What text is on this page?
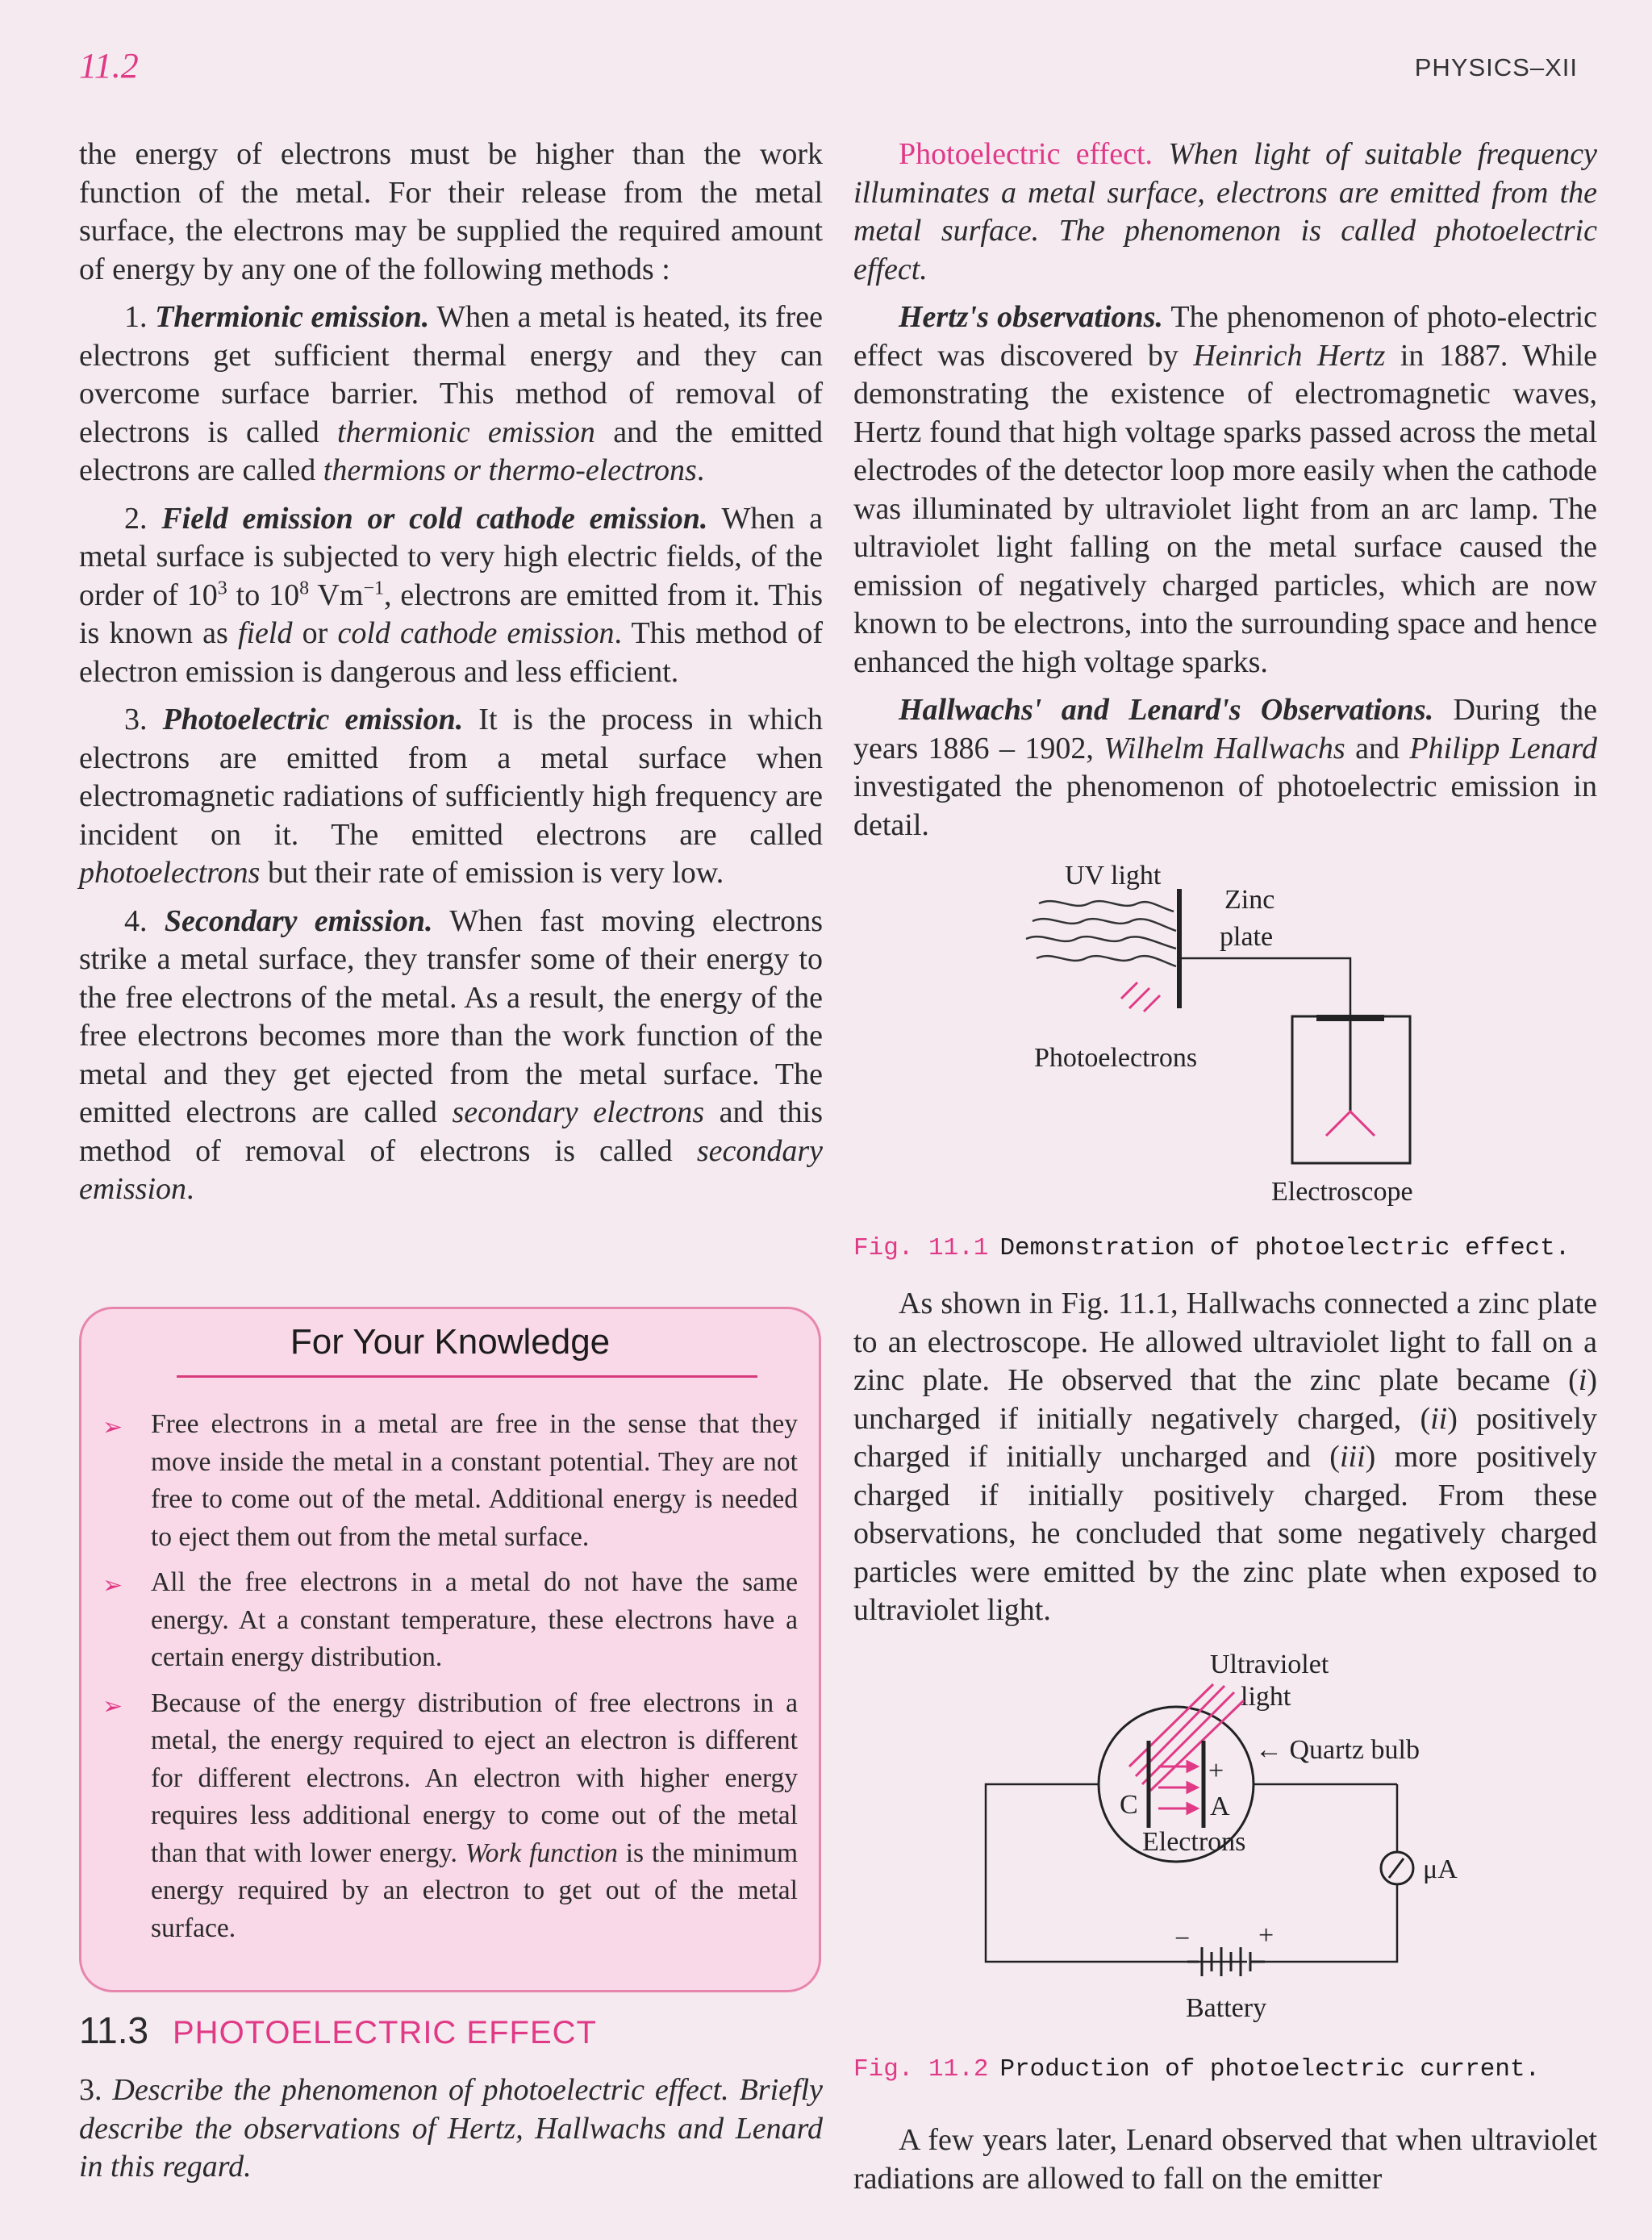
11.2	PHYSICS–XII

the energy of electrons must be higher than the work function of the metal. For their release from the metal surface, the electrons may be supplied the required amount of energy by any one of the following methods :

1. Thermionic emission. When a metal is heated, its free electrons get sufficient thermal energy and they can overcome surface barrier. This method of removal of electrons is called thermionic emission and the emitted electrons are called thermions or thermo-electrons.

2. Field emission or cold cathode emission. When a metal surface is subjected to very high electric fields, of the order of $10^3$ to $10^8$ $Vm^{-1}$, electrons are emitted from it. This is known as field or cold cathode emission. This method of electron emission is dangerous and less efficient.

3. Photoelectric emission. It is the process in which electrons are emitted from a metal surface when electromagnetic radiations of sufficiently high frequency are incident on it. The emitted electrons are called photoelectrons but their rate of emission is very low.

4. Secondary emission. When fast moving electrons strike a metal surface, they transfer some of their energy to the free electrons of the metal. As a result, the energy of the free electrons becomes more than the work function of the metal and they get ejected from the metal surface. The emitted electrons are called secondary electrons and this method of removal of electrons is called secondary emission.

For Your Knowledge
➢ Free electrons in a metal are free in the sense that they move inside the metal in a constant potential. They are not free to come out of the metal. Additional energy is needed to eject them out from the metal surface.
➢ All the free electrons in a metal do not have the same energy. At a constant temperature, these electrons have a certain energy distribution.
➢ Because of the energy distribution of free electrons in a metal, the energy required to eject an electron is different for different electrons. An electron with higher energy requires less additional energy to come out of the metal than that with lower energy. Work function is the minimum energy required by an electron to get out of the metal surface.
11.3 PHOTOELECTRIC EFFECT
3. Describe the phenomenon of photoelectric effect. Briefly describe the observations of Hertz, Hallwachs and Lenard in this regard.

Photoelectric effect. When light of suitable frequency illuminates a metal surface, electrons are emitted from the metal surface. The phenomenon is called photoelectric effect.

Hertz's observations. The phenomenon of photo-electric effect was discovered by Heinrich Hertz in 1887. While demonstrating the existence of electromagnetic waves, Hertz found that high voltage sparks passed across the metal electrodes of the detector loop more easily when the cathode was illuminated by ultraviolet light from an arc lamp. The ultraviolet light falling on the metal surface caused the emission of negatively charged particles, which are now known to be electrons, into the surrounding space and hence enhanced the high voltage sparks.

Hallwachs' and Lenard's Observations. During the years 1886 – 1902, Wilhelm Hallwachs and Philipp Lenard investigated the phenomenon of photoelectric emission in detail.

UV light
Zinc
plate
Photoelectrons
Electroscope
Fig. 11.1 Demonstration of photoelectric effect.

As shown in Fig. 11.1, Hallwachs connected a zinc plate to an electroscope. He allowed ultraviolet light to fall on a zinc plate. He observed that the zinc plate became (i) uncharged if initially negatively charged, (ii) positively charged if initially uncharged and (iii) more positively charged if initially positively charged. From these observations, he concluded that some negatively charged particles were emitted by the zinc plate when exposed to ultraviolet light.

Ultraviolet
light
C	A
+
Electrons
← Quartz bulb
μA
− +
Battery
Fig. 11.2 Production of photoelectric current.

A few years later, Lenard observed that when ultraviolet radiations are allowed to fall on the emitter
